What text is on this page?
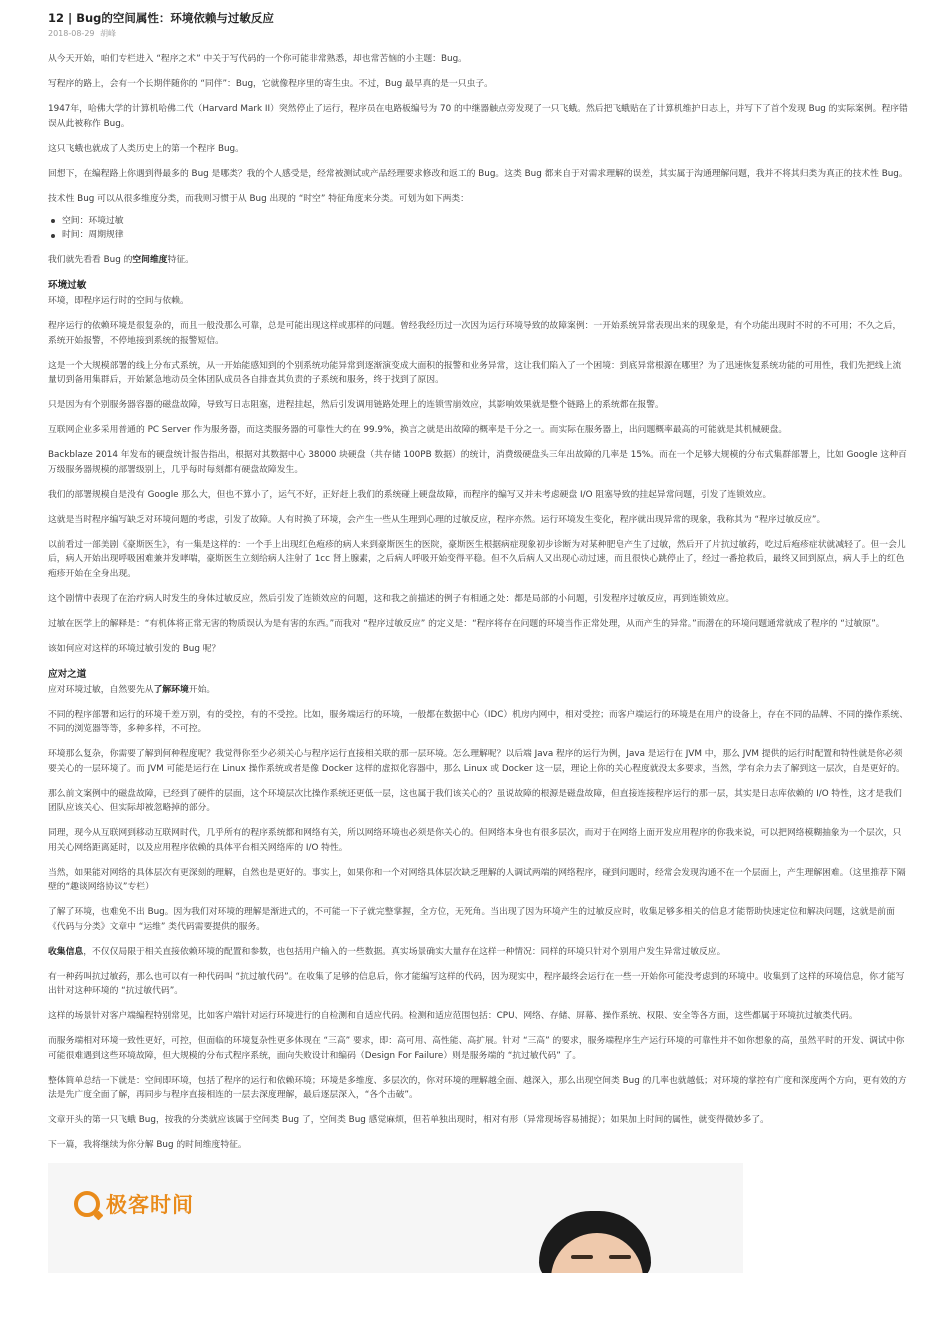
12 | Bug的空间属性：环境依赖与过敏反应
2018-08-29 胡峰

从今天开始，咱们专栏进入 “程序之术” 中关于写代码的一个你可能非常熟悉，却也常苦恼的小主题：Bug。

写程序的路上，会有一个长期伴随你的 “同伴”：Bug，它就像程序里的寄生虫。不过，Bug 最早真的是一只虫子。

1947年，哈佛大学的计算机哈佛二代（Harvard Mark II）突然停止了运行，程序员在电路板编号为 70 的中继器触点旁发现了一只飞蛾。然后把飞蛾贴在了计算机维护日志上，并写下了首个发现 Bug 的实际案例。程序错误从此被称作 Bug。

这只飞蛾也就成了人类历史上的第一个程序 Bug。

回想下，在编程路上你遇到得最多的 Bug 是哪类？我的个人感受是，经常被测试或产品经理要求修改和返工的 Bug。这类 Bug 都来自于对需求理解的误差，其实属于沟通理解问题，我并不将其归类为真正的技术性 Bug。

技术性 Bug 可以从很多维度分类，而我则习惯于从 Bug 出现的 “时空” 特征角度来分类。可划为如下两类：

空间：环境过敏
时间：周期规律

我们就先看看 Bug 的空间维度特征。

环境过敏

环境，即程序运行时的空间与依赖。

程序运行的依赖环境是很复杂的，而且一般没那么可靠，总是可能出现这样或那样的问题。曾经我经历过一次因为运行环境导致的故障案例：一开始系统异常表现出来的现象是，有个功能出现时不时的不可用；不久之后，系统开始报警，不停地接到系统的报警短信。

这是一个大规模部署的线上分布式系统，从一开始能感知到的个别系统功能异常到逐渐演变成大面积的报警和业务异常，这让我们陷入了一个困境：到底异常根源在哪里？为了迅速恢复系统功能的可用性，我们先把线上流量切到备用集群后，开始紧急地动员全体团队成员各自排查其负责的子系统和服务，终于找到了原因。

只是因为有个别服务器容器的磁盘故障，导致写日志阻塞，进程挂起，然后引发调用链路处理上的连锁雪崩效应，其影响效果就是整个链路上的系统都在报警。

互联网企业多采用普通的 PC Server 作为服务器，而这类服务器的可靠性大约在 99.9%，换言之就是出故障的概率是千分之一。而实际在服务器上，出问题概率最高的可能就是其机械硬盘。

Backblaze 2014 年发布的硬盘统计报告指出，根据对其数据中心 38000 块硬盘（共存储 100PB 数据）的统计，消费级硬盘头三年出故障的几率是 15%。而在一个足够大规模的分布式集群部署上，比如 Google 这种百万级服务器规模的部署级别上，几乎每时每刻都有硬盘故障发生。

我们的部署规模自是没有 Google 那么大，但也不算小了，运气不好，正好赶上我们的系统碰上硬盘故障，而程序的编写又并未考虑硬盘 I/O 阻塞导致的挂起异常问题，引发了连锁效应。

这就是当时程序编写缺乏对环境问题的考虑，引发了故障。人有时换了环境，会产生一些从生理到心理的过敏反应，程序亦然。运行环境发生变化，程序就出现异常的现象，我称其为 “程序过敏反应”。

以前看过一部美剧《豪斯医生》，有一集是这样的：一个手上出现红色疱疹的病人来到豪斯医生的医院，豪斯医生根据病症现象初步诊断为对某种肥皂产生了过敏，然后开了片抗过敏药，吃过后疱疹症状就减轻了。但一会儿后，病人开始出现呼吸困难兼并发哮喘，豪斯医生立刻给病人注射了 1cc 肾上腺素，之后病人呼吸开始变得平稳。但不久后病人又出现心动过速，而且很快心跳停止了，经过一番抢救后，最终又回到原点，病人手上的红色疱疹开始在全身出现。

这个剧情中表现了在治疗病人时发生的身体过敏反应，然后引发了连锁效应的问题，这和我之前描述的例子有相通之处：都是局部的小问题，引发程序过敏反应，再到连锁效应。

过敏在医学上的解释是：“有机体将正常无害的物质误认为是有害的东西。”而我对 “程序过敏反应” 的定义是：“程序将存在问题的环境当作正常处理，从而产生的异常。”而潜在的环境问题通常就成了程序的 “过敏原”。

该如何应对这样的环境过敏引发的 Bug 呢？

应对之道

应对环境过敏，自然要先从了解环境开始。

不同的程序部署和运行的环境千差万别，有的受控，有的不受控。比如，服务端运行的环境，一般都在数据中心（IDC）机房内网中，相对受控；而客户端运行的环境是在用户的设备上，存在不同的品牌、不同的操作系统、不同的浏览器等等，多种多样，不可控。

环境那么复杂，你需要了解到何种程度呢？我觉得你至少必须关心与程序运行直接相关联的那一层环境。怎么理解呢？以后端 Java 程序的运行为例，Java 是运行在 JVM 中，那么 JVM 提供的运行时配置和特性就是你必须要关心的一层环境了。而 JVM 可能是运行在 Linux 操作系统或者是像 Docker 这样的虚拟化容器中，那么 Linux 或 Docker 这一层，理论上你的关心程度就没太多要求，当然，学有余力去了解到这一层次，自是更好的。

那么前文案例中的磁盘故障，已经到了硬件的层面，这个环境层次比操作系统还更低一层，这也属于我们该关心的？虽说故障的根源是磁盘故障，但直接连接程序运行的那一层，其实是日志库依赖的 I/O 特性，这才是我们团队应该关心、但实际却被忽略掉的部分。

同理，现今从互联网到移动互联网时代，几乎所有的程序系统都和网络有关，所以网络环境也必须是你关心的。但网络本身也有很多层次，而对于在网络上面开发应用程序的你我来说，可以把网络模糊抽象为一个层次，只用关心网络距离延时，以及应用程序依赖的具体平台相关网络库的 I/O 特性。

当然，如果能对网络的具体层次有更深刻的理解，自然也是更好的。事实上，如果你和一个对网络具体层次缺乏理解的人调试两端的网络程序，碰到问题时，经常会发现沟通不在一个层面上，产生理解困难。（这里推荐下隔壁的“趣谈网络协议”专栏）

了解了环境，也难免不出 Bug。因为我们对环境的理解是渐进式的，不可能一下子就完整掌握，全方位，无死角。当出现了因为环境产生的过敏反应时，收集足够多相关的信息才能帮助快速定位和解决问题，这就是前面《代码与分类》文章中 “运维” 类代码需要提供的服务。

收集信息，不仅仅局限于相关直接依赖环境的配置和参数，也包括用户输入的一些数据。真实场景确实大量存在这样一种情况：同样的环境只针对个别用户发生异常过敏反应。

有一种药叫抗过敏药，那么也可以有一种代码叫 “抗过敏代码”。在收集了足够的信息后，你才能编写这样的代码，因为现实中，程序最终会运行在一些一开始你可能没考虑到的环境中。收集到了这样的环境信息，你才能写出针对这种环境的 “抗过敏代码”。

这样的场景针对客户端编程特别常见，比如客户端针对运行环境进行的自检测和自适应代码。检测和适应范围包括：CPU、网络、存储、屏幕、操作系统、权限、安全等各方面，这些都属于环境抗过敏类代码。

而服务端相对环境一致性更好，可控，但面临的环境复杂性更多体现在 “三高” 要求，即：高可用、高性能、高扩展。针对 “三高” 的要求，服务端程序生产运行环境的可靠性并不如你想象的高，虽然平时的开发、调试中你可能很难遇到这些环境故障，但大规模的分布式程序系统，面向失败设计和编码（Design For Failure）则是服务端的 “抗过敏代码” 了。

整体简单总结一下就是：空间即环境，包括了程序的运行和依赖环境；环境是多维度、多层次的，你对环境的理解越全面、越深入，那么出现空间类 Bug 的几率也就越低；对环境的掌控有广度和深度两个方向，更有效的方法是先广度全面了解，再同步与程序直接相连的一层去深度理解，最后逐层深入，“各个击破”。

文章开头的第一只飞蛾 Bug，按我的分类就应该属于空间类 Bug 了，空间类 Bug 感觉麻烦，但若单独出现时，相对有形（异常现场容易捕捉）；如果加上时间的属性，就变得微妙多了。

下一篇，我将继续为你分解 Bug 的时间维度特征。

极客时间
